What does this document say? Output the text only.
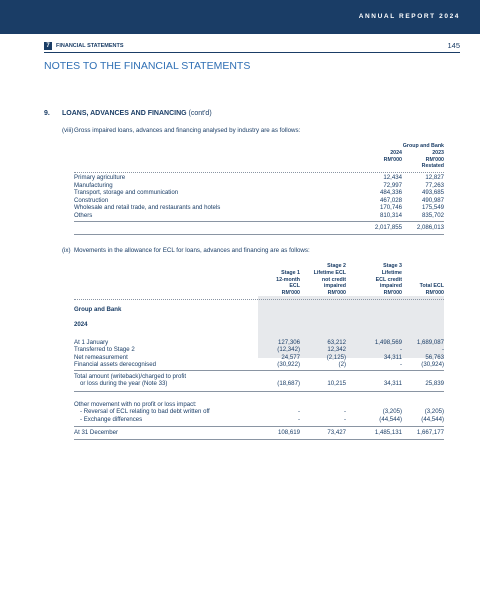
ANNUAL REPORT 2024
7	FINANCIAL STATEMENTS	145
NOTES TO THE FINANCIAL STATEMENTS
9. LOANS, ADVANCES AND FINANCING (cont'd)
(viii)Gross impaired loans, advances and financing analysed by industry are as follows:
Group and Bank
2024
RM'000
2023
RM'000
Restated
Primary agriculture	12,434	12,827
Manufacturing	72,997	77,263
Transport, storage and communication	484,336	493,685
Construction	467,028	490,987
Wholesale and retail trade, and restaurants and hotels	170,746	175,549
Others	810,314	835,702
2,017,855	2,086,013
(ix) Movements in the allowance for ECL for loans, advances and financing are as follows:
Stage 1
12-month
ECL
RM'000
Stage 2
Lifetime ECL
not credit
impaired
RM'000
Stage 3
Lifetime
ECL credit
impaired
RM'000
Total ECL
RM'000
Group and Bank
2024
At 1 January	127,306	63,212	1,498,569	1,689,087
Transferred to Stage 2	(12,342)	12,342	-	-
Net remeasurement	24,577	(2,125)	34,311	56,763
Financial assets derecognised	(30,922)	(2)	-	(30,924)
Total amount (writeback)/charged to profit
or loss during the year (Note 33)	(18,687)	10,215	34,311	25,839
Other movement with no profit or loss impact:
- Reversal of ECL relating to bad debt written off	-	-	(3,205)	(3,205)
- Exchange differences	-	-	(44,544)	(44,544)
At 31 December	108,619	73,427	1,485,131	1,667,177
